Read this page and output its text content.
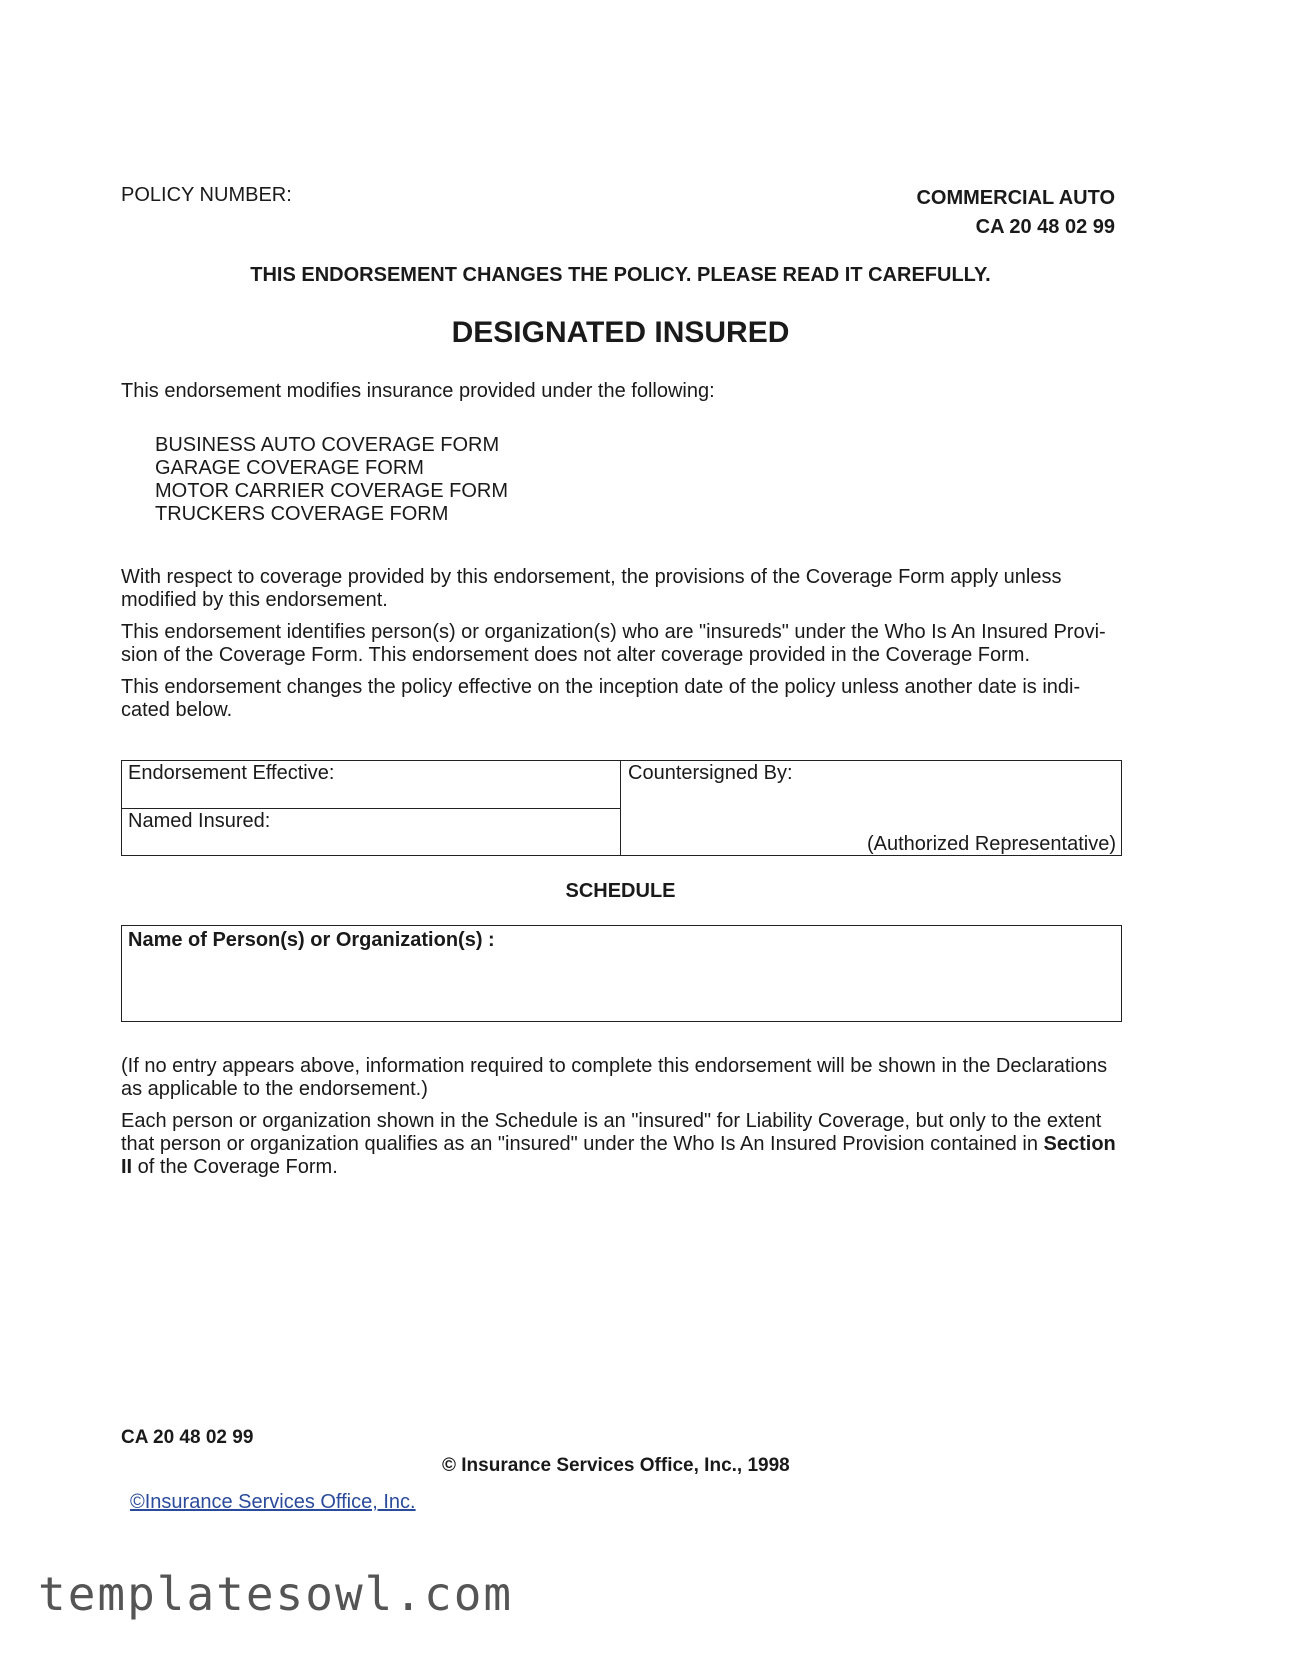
POLICY NUMBER:	COMMERCIAL AUTO
CA 20 48 02 99
THIS ENDORSEMENT CHANGES THE POLICY. PLEASE READ IT CAREFULLY.
DESIGNATED INSURED
This endorsement modifies insurance provided under the following:
BUSINESS AUTO COVERAGE FORM
GARAGE COVERAGE FORM
MOTOR CARRIER COVERAGE FORM
TRUCKERS COVERAGE FORM

With respect to coverage provided by this endorsement, the provisions of the Coverage Form apply unless modified by this endorsement.

This endorsement identifies person(s) or organization(s) who are "insureds" under the Who Is An Insured Provi-sion of the Coverage Form. This endorsement does not alter coverage provided in the Coverage Form.

This endorsement changes the policy effective on the inception date of the policy unless another date is indi-cated below.

Endorsement Effective:
Named Insured:
Countersigned By:
(Authorized Representative)
SCHEDULE
Name of Person(s) or Organization(s) :

(If no entry appears above, information required to complete this endorsement will be shown in the Declarations as applicable to the endorsement.)

Each person or organization shown in the Schedule is an "insured" for Liability Coverage, but only to the extent that person or organization qualifies as an "insured" under the Who Is An Insured Provision contained in Section II of the Coverage Form.

CA 20 48 02 99
© Insurance Services Office, Inc., 1998
©Insurance Services Office, Inc.
templatesowl.com
